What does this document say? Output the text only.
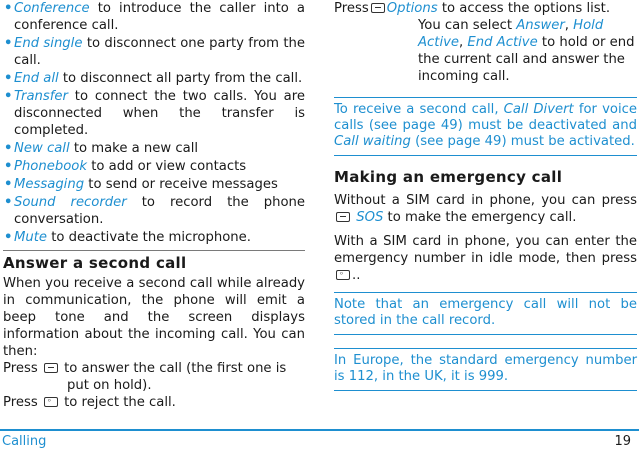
• Conference to introduce the caller into a conference call.
• End single to disconnect one party from the call.
• End all to disconnect all party from the call.
• Transfer to connect the two calls. You are disconnected when the transfer is completed.
• New call to make a new call
• Phonebook to add or view contacts
• Messaging to send or receive messages
• Sound recorder to record the phone conversation.
• Mute to deactivate the microphone.
Answer a second call

When you receive a second call while already in communication, the phone will emit a beep tone and the screen displays information about the incoming call. You can then:

Press to answer the call (the first one is put on hold).

Press ⁰ to reject the call.

Press Options to access the options list.

You can select Answer, Hold Active, End Active to hold or end the current call and answer the incoming call.

To receive a second call, Call Divert for voice calls (see page 49) must be deactivated and Call waiting (see page 49) must be activated.
Making an emergency call

Without a SIM card in phone, you can press  SOS to make the emergency call.

With a SIM card in phone, you can enter the emergency number in idle mode, then press
⁰ ..

Note that an emergency call will not be stored in the call record.
In Europe, the standard emergency number is 112, in the UK, it is 999.
Calling	19
